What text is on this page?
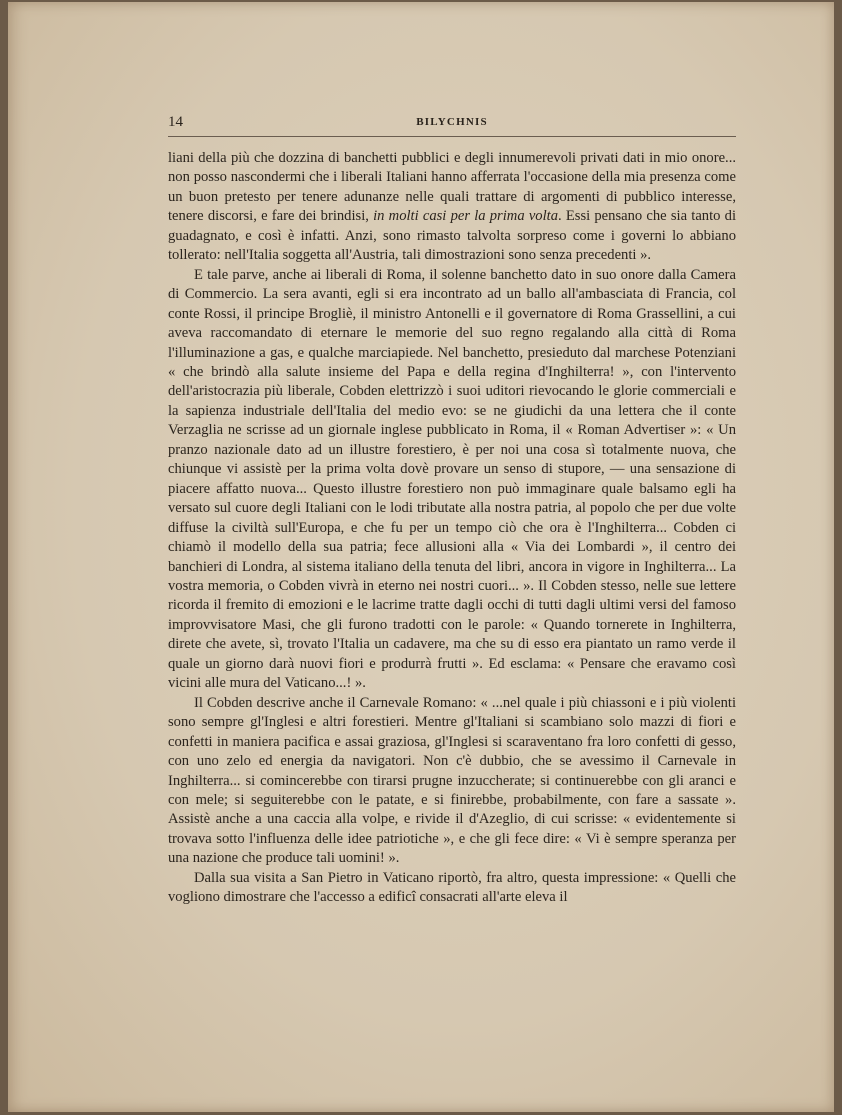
14	BILYCHNIS

liani della più che dozzina di banchetti pubblici e degli innumerevoli privati dati in mio onore... non posso nascondermi che i liberali Italiani hanno afferrata l'occasione della mia presenza come un buon pretesto per tenere adunanze nelle quali trattare di argomenti di pubblico interesse, tenere discorsi, e fare dei brindisi, in molti casi per la prima volta. Essi pensano che sia tanto di guadagnato, e così è infatti. Anzi, sono rimasto talvolta sorpreso come i governi lo abbiano tollerato: nell'Italia soggetta all'Austria, tali dimostrazioni sono senza precedenti ».

E tale parve, anche ai liberali di Roma, il solenne banchetto dato in suo onore dalla Camera di Commercio. La sera avanti, egli si era incontrato ad un ballo all'ambasciata di Francia, col conte Rossi, il principe Brogliè, il ministro Antonelli e il governatore di Roma Grassellini, a cui aveva raccomandato di eternare le memorie del suo regno regalando alla città di Roma l'illuminazione a gas, e qualche marciapiede. Nel banchetto, presieduto dal marchese Potenziani « che brindò alla salute insieme del Papa e della regina d'Inghilterra! », con l'intervento dell'aristocrazia più liberale, Cobden elettrizzò i suoi uditori rievocando le glorie commerciali e la sapienza industriale dell'Italia del medio evo: se ne giudichi da una lettera che il conte Verzaglia ne scrisse ad un giornale inglese pubblicato in Roma, il « Roman Advertiser »: « Un pranzo nazionale dato ad un illustre forestiero, è per noi una cosa sì totalmente nuova, che chiunque vi assistè per la prima volta dovè provare un senso di stupore, — una sensazione di piacere affatto nuova... Questo illustre forestiero non può immaginare quale balsamo egli ha versato sul cuore degli Italiani con le lodi tributate alla nostra patria, al popolo che per due volte diffuse la civiltà sull'Europa, e che fu per un tempo ciò che ora è l'Inghilterra... Cobden ci chiamò il modello della sua patria; fece allusioni alla « Via dei Lombardi », il centro dei banchieri di Londra, al sistema italiano della tenuta del libri, ancora in vigore in Inghilterra... La vostra memoria, o Cobden vivrà in eterno nei nostri cuori... ». Il Cobden stesso, nelle sue lettere ricorda il fremito di emozioni e le lacrime tratte dagli occhi di tutti dagli ultimi versi del famoso improvvisatore Masi, che gli furono tradotti con le parole: « Quando tornerete in Inghilterra, direte che avete, sì, trovato l'Italia un cadavere, ma che su di esso era piantato un ramo verde il quale un giorno darà nuovi fiori e produrrà frutti ». Ed esclama: « Pensare che eravamo così vicini alle mura del Vaticano...! ».

Il Cobden descrive anche il Carnevale Romano: « ...nel quale i più chiassoni e i più violenti sono sempre gl'Inglesi e altri forestieri. Mentre gl'Italiani si scambiano solo mazzi di fiori e confetti in maniera pacifica e assai graziosa, gl'Inglesi si scaraventano fra loro confetti di gesso, con uno zelo ed energia da navigatori. Non c'è dubbio, che se avessimo il Carnevale in Inghilterra... si comincerebbe con tirarsi prugne inzuccherate; si continuerebbe con gli aranci e con mele; si seguiterebbe con le patate, e si finirebbe, probabilmente, con fare a sassate ». Assistè anche a una caccia alla volpe, e rivide il d'Azeglio, di cui scrisse: « evidentemente si trovava sotto l'influenza delle idee patriotiche », e che gli fece dire: « Vi è sempre speranza per una nazione che produce tali uomini! ».

Dalla sua visita a San Pietro in Vaticano riportò, fra altro, questa impressione: « Quelli che vogliono dimostrare che l'accesso a edificî consacrati all'arte eleva il
